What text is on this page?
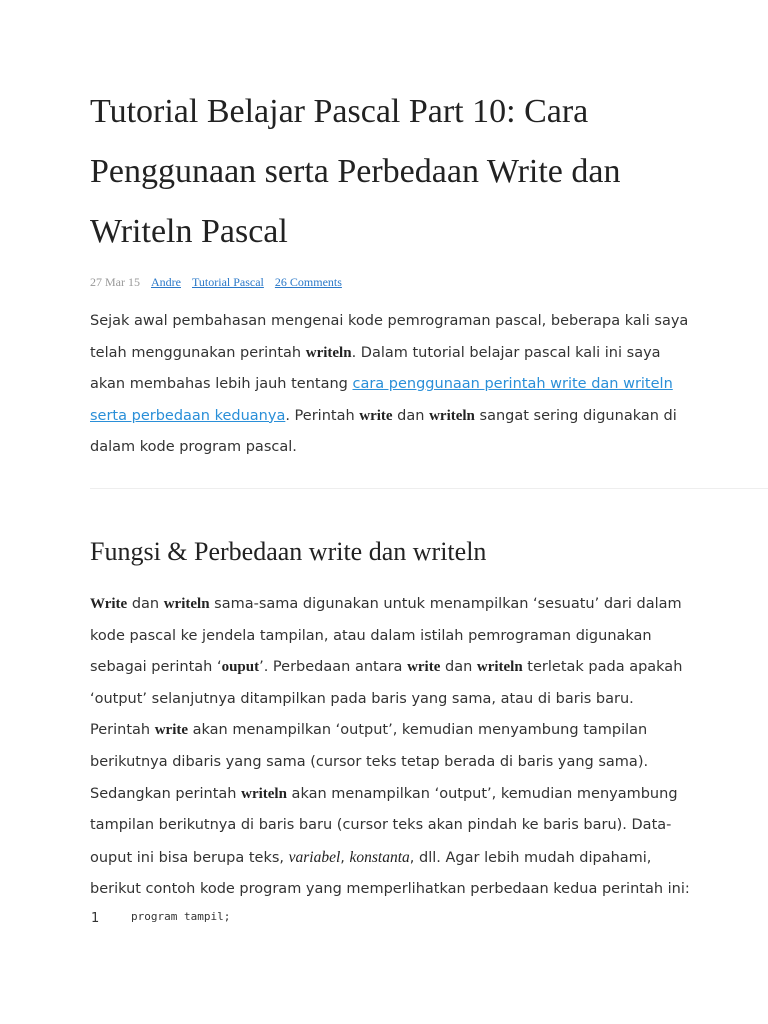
Tutorial Belajar Pascal Part 10: Cara Penggunaan serta Perbedaan Write dan Writeln Pascal
27 Mar 15 Andre Tutorial Pascal 26 Comments

Sejak awal pembahasan mengenai kode pemrograman pascal, beberapa kali saya telah menggunakan perintah writeln. Dalam tutorial belajar pascal kali ini saya akan membahas lebih jauh tentang cara penggunaan perintah write dan writeln serta perbedaan keduanya. Perintah write dan writeln sangat sering digunakan di dalam kode program pascal.

Fungsi & Perbedaan write dan writeln

Write dan writeln sama-sama digunakan untuk menampilkan ‘sesuatu’ dari dalam kode pascal ke jendela tampilan, atau dalam istilah pemrograman digunakan sebagai perintah ‘ouput’. Perbedaan antara write dan writeln terletak pada apakah ‘output’ selanjutnya ditampilkan pada baris yang sama, atau di baris baru. Perintah write akan menampilkan ‘output’, kemudian menyambung tampilan berikutnya dibaris yang sama (cursor teks tetap berada di baris yang sama). Sedangkan perintah writeln akan menampilkan ‘output’, kemudian menyambung tampilan berikutnya di baris baru (cursor teks akan pindah ke baris baru). Data-ouput ini bisa berupa teks, variabel, konstanta, dll. Agar lebih mudah dipahami, berikut contoh kode program yang memperlihatkan perbedaan kedua perintah ini:

1	program tampil;
